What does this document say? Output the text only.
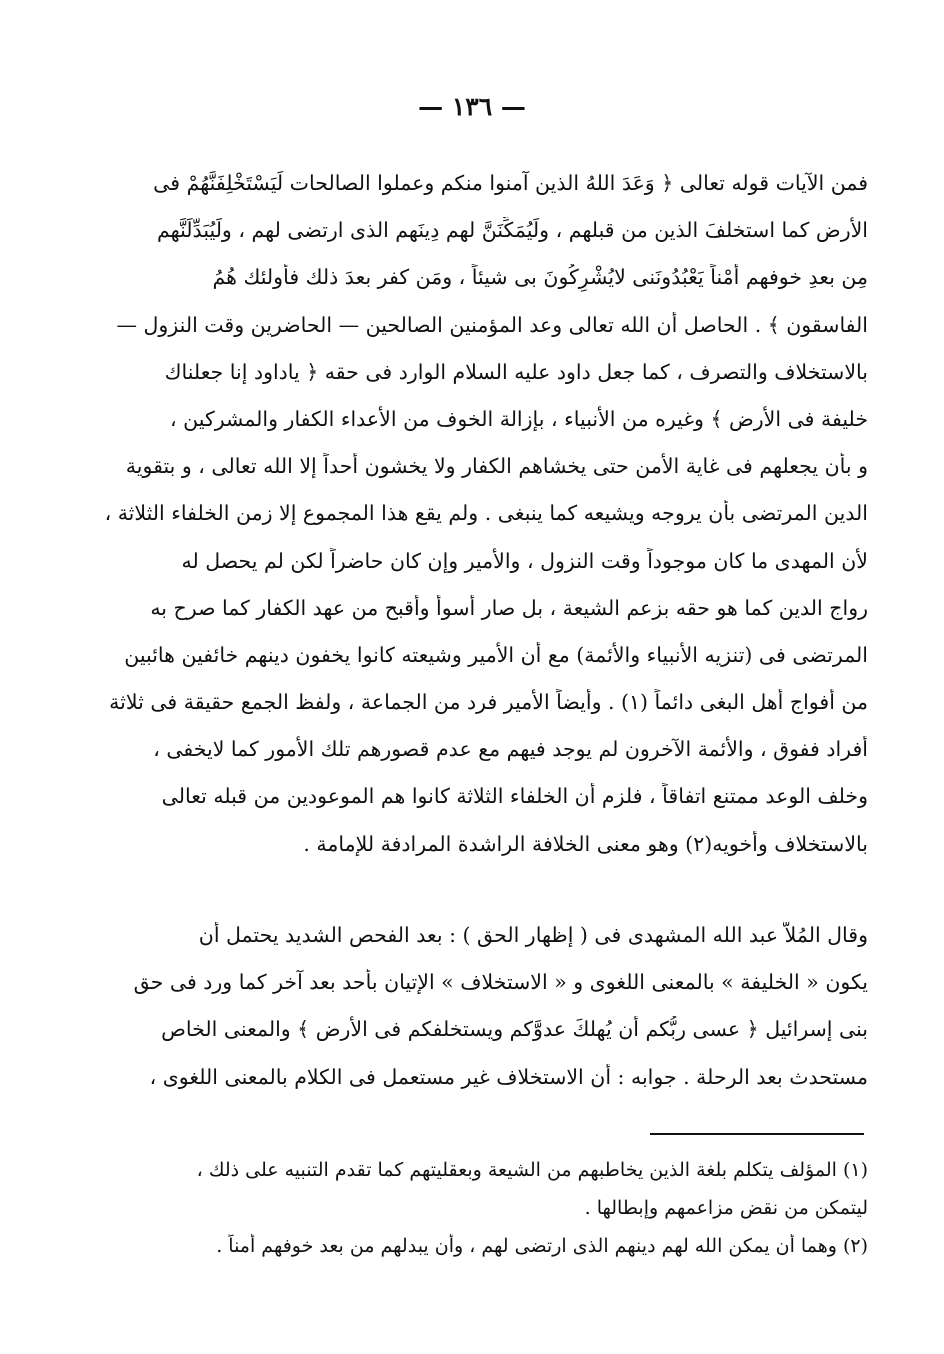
— ١٣٦ —
فمن الآيات قوله تعالى ﴿ وَعَدَ اللهُ الذين آمنوا منكم وعملوا الصالحات لَيَسْتَخْلِفَنَّهُمْ فى
الأرض كما استخلفَ الذين من قبلهم ، ولَيُمَكِّنَنَّ لهم دِينَهم الذى ارتضى لهم ، ولَيُبَدِّلَنَّهم
مِن بعدِ خوفهم أمْناً يَعْبُدُونَنى لايُشْرِكُونَ بى شيئاً ، ومَن كفر بعدَ ذلك فأولئك هُمُ
الفاسقون ﴾ . الحاصل أن الله تعالى وعد المؤمنين الصالحين — الحاضرين وقت النزول —
بالاستخلاف والتصرف ، كما جعل داود عليه السلام الوارد فى حقه ﴿ ياداود إنا جعلناك
خليفة فى الأرض ﴾ وغيره من الأنبياء ، بإزالة الخوف من الأعداء الكفار والمشركين ،
و بأن يجعلهم فى غاية الأمن حتى يخشاهم الكفار ولا يخشون أحداً إلا الله تعالى ، و بتقوية
الدين المرتضى بأن يروجه ويشيعه كما ينبغى . ولم يقع هذا المجموع إلا زمن الخلفاء الثلاثة ،
لأن المهدى ما كان موجوداً وقت النزول ، والأمير وإن كان حاضراً لكن لم يحصل له
رواج الدين كما هو حقه بزعم الشيعة ، بل صار أسوأ وأقبح من عهد الكفار كما صرح به
المرتضى فى (تنزيه الأنبياء والأئمة) مع أن الأمير وشيعته كانوا يخفون دينهم خائفين هائبين
من أفواج أهل البغى دائماً (١) . وأيضاً الأمير فرد من الجماعة ، ولفظ الجمع حقيقة فى ثلاثة
أفراد ففوق ، والأئمة الآخرون لم يوجد فيهم مع عدم قصورهم تلك الأمور كما لايخفى ،
وخلف الوعد ممتنع اتفاقاً ، فلزم أن الخلفاء الثلاثة كانوا هم الموعودين من قبله تعالى
بالاستخلاف وأخويه(٢) وهو معنى الخلافة الراشدة المرادفة للإمامة .
وقال المُلاّ عبد الله المشهدى فى ( إظهار الحق ) : بعد الفحص الشديد يحتمل أن
يكون « الخليفة » بالمعنى اللغوى و « الاستخلاف » الإتيان بأحد بعد آخر كما ورد فى حق
بنى إسرائيل ﴿ عسى ربُّكم أن يُهلكَ عدوَّكم ويستخلفكم فى الأرض ﴾ والمعنى الخاص
مستحدث بعد الرحلة . جوابه : أن الاستخلاف غير مستعمل فى الكلام بالمعنى اللغوى ،
(١) المؤلف يتكلم بلغة الذين يخاطبهم من الشيعة وبعقليتهم كما تقدم التنبيه على ذلك ،
ليتمكن من نقض مزاعمهم وإبطالها .
(٢) وهما أن يمكن الله لهم دينهم الذى ارتضى لهم ، وأن يبدلهم من بعد خوفهم أمناً .
